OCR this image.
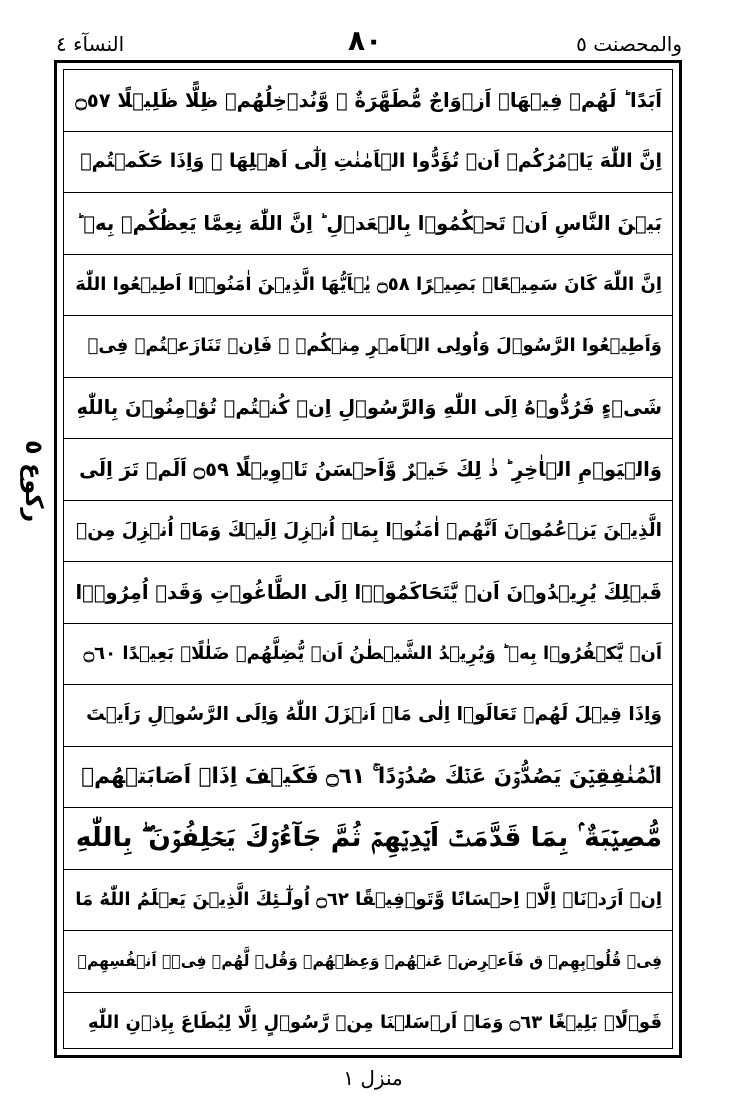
النسآء ٤	٨٠	والمحصنت ٥
رکوع ٥
اَبَدًا ؕ لَهُمۡ فِيۡهَاۤ اَزۡوَاجٌ مُّطَهَّرَةٌ ۡ وَّنُدۡخِلُهُمۡ ظِلًّا ظَلِيۡلًا ۝٥٧
اِنَّ اللّٰهَ يَاۡمُرُكُمۡ اَنۡ تُؤَدُّوا الۡاَمٰنٰتِ اِلٰٓى اَهۡلِهَا ۙ وَاِذَا حَكَمۡتُمۡ
بَيۡنَ النَّاسِ اَنۡ تَحۡكُمُوۡا بِالۡعَدۡلِ ؕ اِنَّ اللّٰهَ نِعِمَّا يَعِظُكُمۡ بِهٖ ؕ
اِنَّ اللّٰهَ كَانَ سَمِيۡعًاۢ بَصِيۡرًا ۝٥٨ يٰۤاَيُّهَا الَّذِيۡنَ اٰمَنُوۡۤا اَطِيۡعُوا اللّٰهَ
وَاَطِيۡعُوا الرَّسُوۡلَ وَاُولِى الۡاَمۡرِ مِنۡكُمۡ ۚ فَاِنۡ تَنَازَعۡتُمۡ فِىۡ
شَىۡءٍ فَرُدُّوۡهُ اِلَى اللّٰهِ وَالرَّسُوۡلِ اِنۡ كُنۡتُمۡ تُؤۡمِنُوۡنَ بِاللّٰهِ
وَالۡيَوۡمِ الۡاٰخِرِ ؕ ذٰ لِكَ خَيۡرٌ وَّاَحۡسَنُ تَاۡوِيۡلًا ۝٥٩ اَلَمۡ تَرَ اِلَى
الَّذِيۡنَ يَزۡعُمُوۡنَ اَنَّهُمۡ اٰمَنُوۡا بِمَاۤ اُنۡزِلَ اِلَيۡكَ وَمَاۤ اُنۡزِلَ مِنۡ
قَبۡلِكَ يُرِيۡدُوۡنَ اَنۡ يَّتَحَاكَمُوۡۤا اِلَى الطَّاغُوۡتِ وَقَدۡ اُمِرُوۡۤا
اَنۡ يَّكۡفُرُوۡا بِهٖ ؕ وَيُرِيۡدُ الشَّيۡطٰنُ اَنۡ يُّضِلَّهُمۡ ضَلٰلًاۢ بَعِيۡدًا ۝٦٠
وَاِذَا قِيۡلَ لَهُمۡ تَعَالَوۡا اِلٰى مَاۤ اَنۡزَلَ اللّٰهُ وَاِلَى الرَّسُوۡلِ رَاَيۡتَ
الۡمُنٰفِقِيۡنَ يَصُدُّوۡنَ عَنۡكَ صُدُوۡدًا ۚ ۝٦١ فَكَيۡفَ اِذَاۤ اَصَابَتۡهُمۡ
مُّصِيۡبَةٌ ۢ بِمَا قَدَّمَتۡ اَيۡدِيۡهِمۡ ثُمَّ جَآءُوۡكَ يَحۡلِفُوۡنَ ۖ بِاللّٰهِ
اِنۡ اَرَدۡنَاۤ اِلَّاۤ اِحۡسَانًا وَّتَوۡفِيۡقًا ۝٦٢ اُولٰٓـئِكَ الَّذِيۡنَ يَعۡلَمُ اللّٰهُ مَا
فِىۡ قُلُوۡبِهِمۡ ق فَاَعۡرِضۡ عَنۡهُمۡ وَعِظۡهُمۡ وَقُلۡ لَّهُمۡ فِىۡۤ اَنۡفُسِهِمۡ
قَوۡلًاۢ بَلِيۡغًا ۝٦٣ وَمَاۤ اَرۡسَلۡنَا مِنۡ رَّسُوۡلٍ اِلَّا لِيُطَاعَ بِاِذۡنِ اللّٰهِ
منزل ١
